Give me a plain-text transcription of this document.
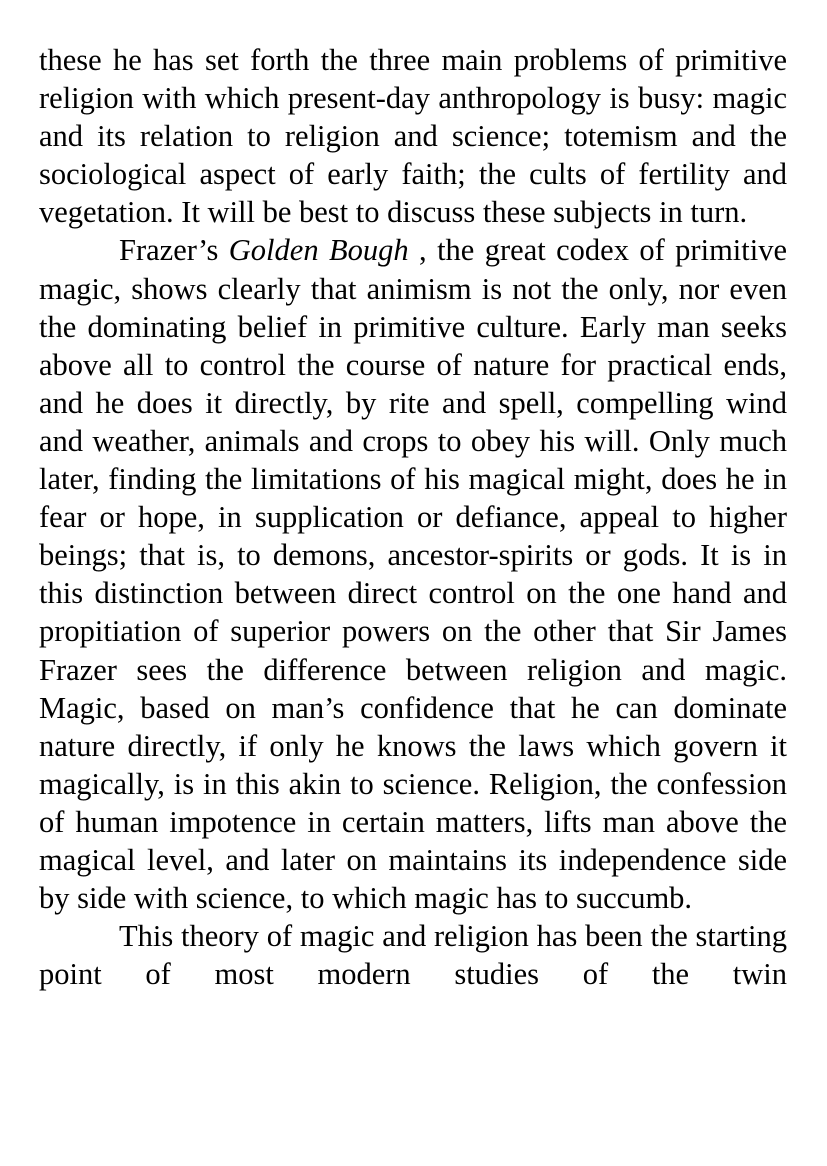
these he has set forth the three main problems of primitive religion with which present-day anthropology is busy: magic and its relation to religion and science; totemism and the sociological aspect of early faith; the cults of fertility and vegetation. It will be best to discuss these subjects in turn.

Frazer’s Golden Bough , the great codex of primitive magic, shows clearly that animism is not the only, nor even the dominating belief in primitive culture. Early man seeks above all to control the course of nature for practical ends, and he does it directly, by rite and spell, compelling wind and weather, animals and crops to obey his will. Only much later, finding the limitations of his magical might, does he in fear or hope, in supplication or defiance, appeal to higher beings; that is, to demons, ancestor-spirits or gods. It is in this distinction between direct control on the one hand and propitiation of superior powers on the other that Sir James Frazer sees the difference between religion and magic. Magic, based on man’s confidence that he can dominate nature directly, if only he knows the laws which govern it magically, is in this akin to science. Religion, the confession of human impotence in certain matters, lifts man above the magical level, and later on maintains its independence side by side with science, to which magic has to succumb.

This theory of magic and religion has been the starting point of most modern studies of the twin
